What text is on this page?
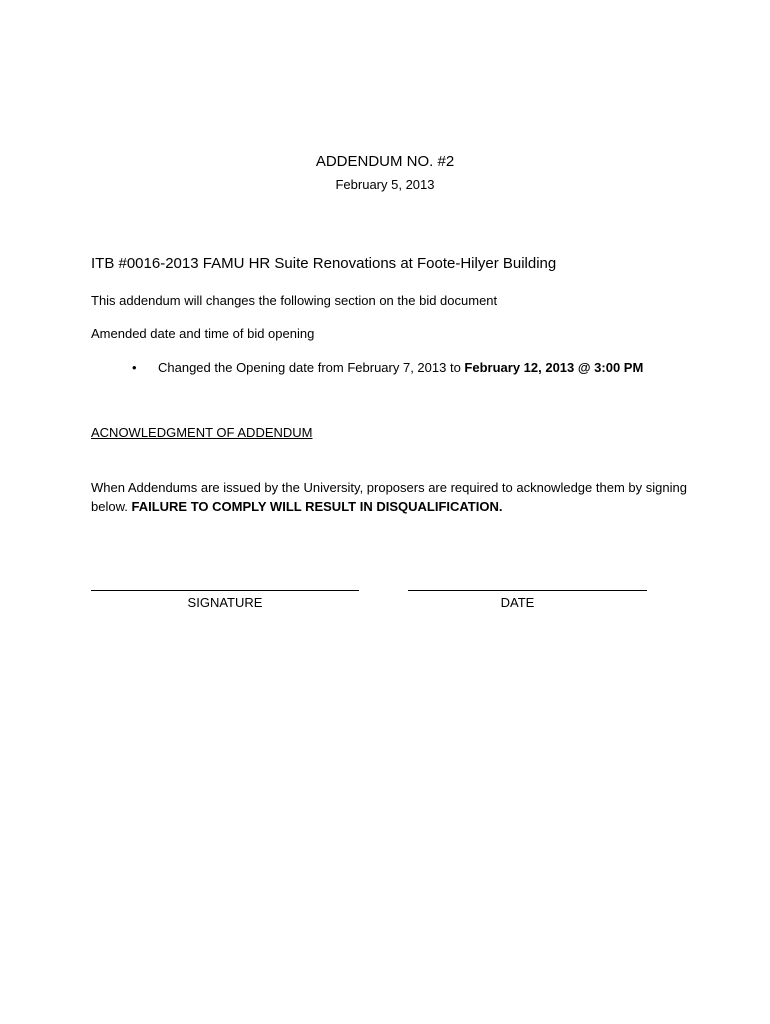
ADDENDUM NO. #2
February 5, 2013
ITB #0016-2013 FAMU HR Suite Renovations at Foote-Hilyer Building
This addendum will changes the following section on the bid document
Amended date and time of bid opening
• Changed the Opening date from February 7, 2013 to February 12, 2013 @ 3:00 PM
ACNOWLEDGMENT OF ADDENDUM
When Addendums are issued by the University, proposers are required to acknowledge them by signing below. FAILURE TO COMPLY WILL RESULT IN DISQUALIFICATION.
SIGNATURE	DATE
